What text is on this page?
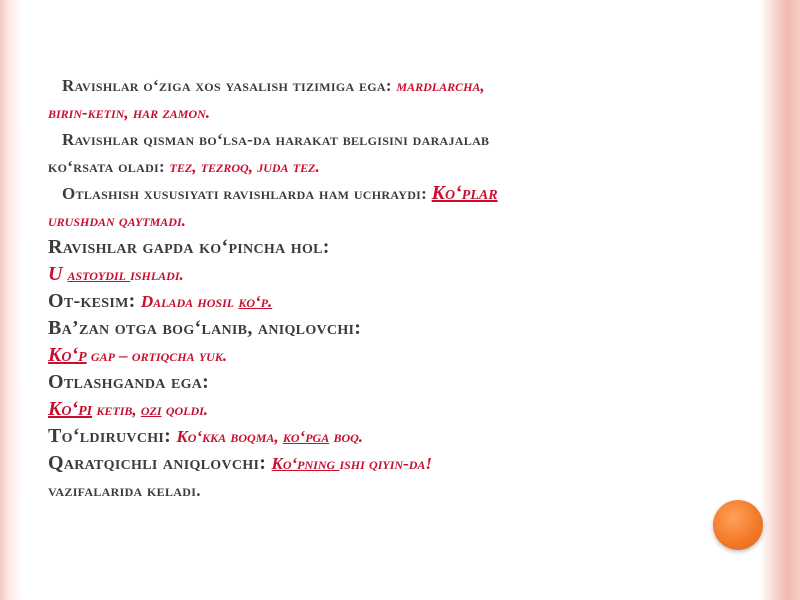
Ravishlar o‘ziga xos yasalish tizimiga ega: mardlarcha,
birin-ketin, har zamon.
Ravishlar qisman bo‘lsa-da harakat belgisini darajalab
ko‘rsata oladi: tez, tezroq, juda tez.
Otlashish xususiyati ravishlarda ham uchraydi: Ko‘plar
urushdan qaytmadi.
Ravishlar gapda ko‘pincha hol:
U astoydil ishladi.
Ot-kesim: Dalada hosil ko‘p.
Ba’zan otga bog‘lanib, aniqlovchi:
Ko‘p gap – ortiqcha yuk.
Otlashganda ega:
Ko‘pi ketib, ozi qoldi.
To‘ldiruvchi: Ko‘kka boqma, ko‘pga boq.
Qaratqichli aniqlovchi: Ko‘pning ishi qiyin-da!
vazifalarida keladi.
